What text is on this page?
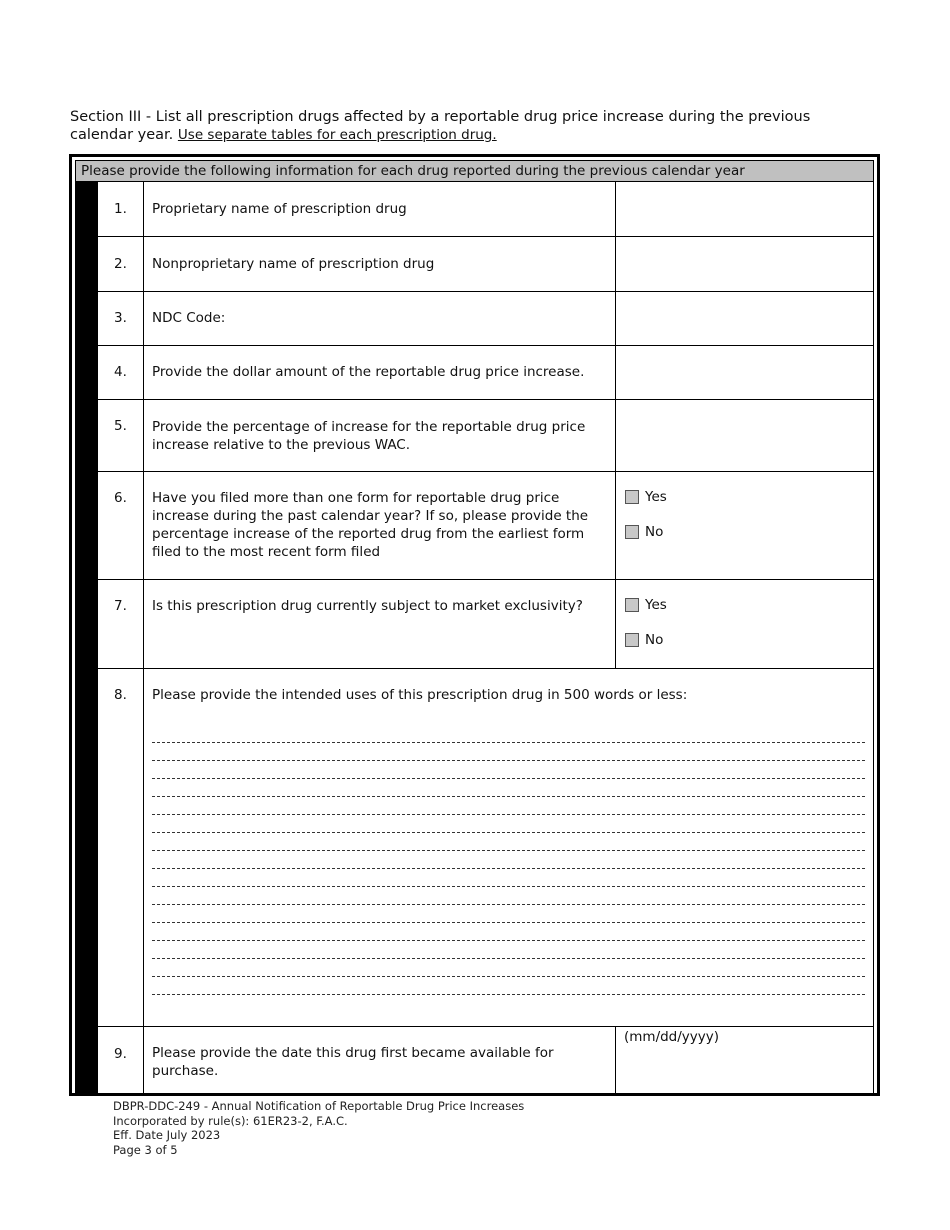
Section III - List all prescription drugs affected by a reportable drug price increase during the previous calendar year. Use separate tables for each prescription drug.
Please provide the following information for each drug reported during the previous calendar year
1.	Proprietary name of prescription drug
2.	Nonproprietary name of prescription drug
3.	NDC Code:
4.	Provide the dollar amount of the reportable drug price increase.
5.	Provide the percentage of increase for the reportable drug price increase relative to the previous WAC.
6.	Have you filed more than one form for reportable drug price increase during the past calendar year? If so, please provide the percentage increase of the reported drug from the earliest form filed to the most recent form filed
Yes
No
7.	Is this prescription drug currently subject to market exclusivity?	Yes
No
8.	Please provide the intended uses of this prescription drug in 500 words or less:
9.	Please provide the date this drug first became available for purchase.
(mm/dd/yyyy)
DBPR-DDC-249 - Annual Notification of Reportable Drug Price Increases
Incorporated by rule(s): 61ER23-2, F.A.C.
Eff. Date July 2023
Page 3 of 5
